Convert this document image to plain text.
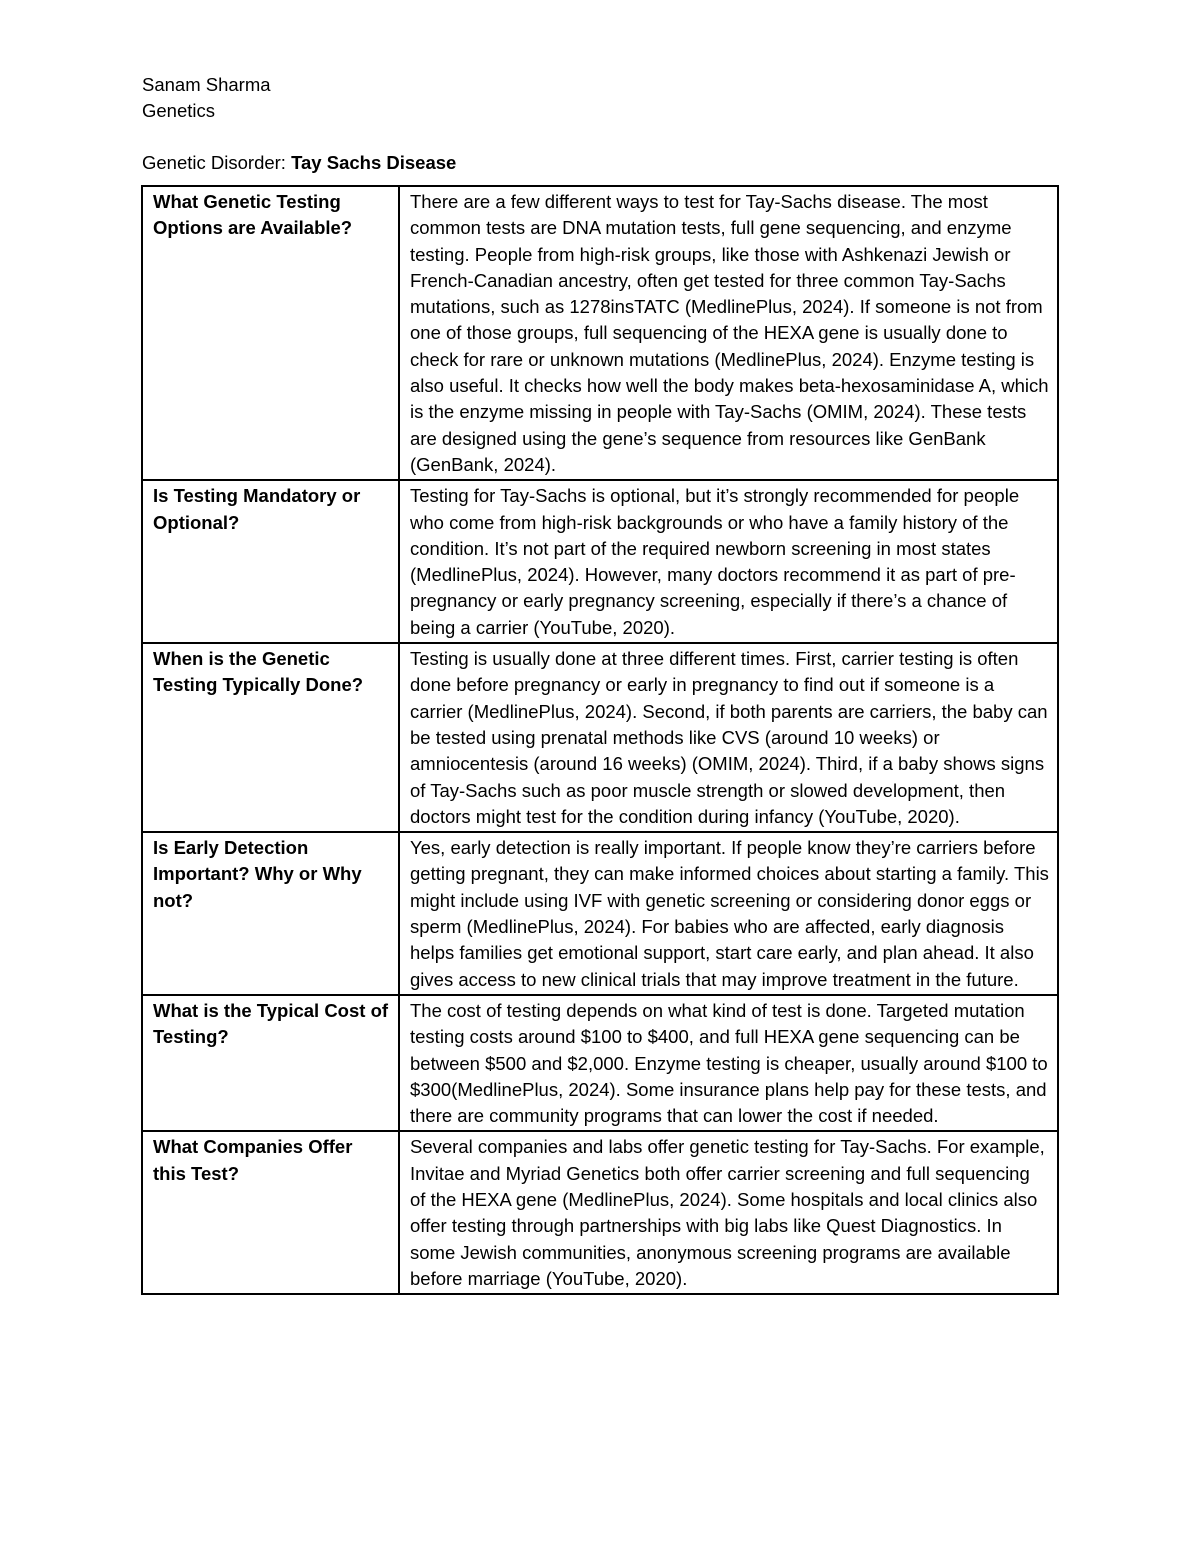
Sanam Sharma
Genetics
Genetic Disorder: Tay Sachs Disease
What Genetic Testing Options are Available?	There are a few different ways to test for Tay-Sachs disease. The most common tests are DNA mutation tests, full gene sequencing, and enzyme testing. People from high-risk groups, like those with Ashkenazi Jewish or French-Canadian ancestry, often get tested for three common Tay-Sachs mutations, such as 1278insTATC (MedlinePlus, 2024). If someone is not from one of those groups, full sequencing of the HEXA gene is usually done to check for rare or unknown mutations (MedlinePlus, 2024). Enzyme testing is also useful. It checks how well the body makes beta-hexosaminidase A, which is the enzyme missing in people with Tay-Sachs (OMIM, 2024). These tests are designed using the gene’s sequence from resources like GenBank (GenBank, 2024).
Is Testing Mandatory or Optional?	Testing for Tay-Sachs is optional, but it’s strongly recommended for people who come from high-risk backgrounds or who have a family history of the condition. It’s not part of the required newborn screening in most states (MedlinePlus, 2024). However, many doctors recommend it as part of pre-pregnancy or early pregnancy screening, especially if there’s a chance of being a carrier (YouTube, 2020).
When is the Genetic Testing Typically Done?	Testing is usually done at three different times. First, carrier testing is often done before pregnancy or early in pregnancy to find out if someone is a carrier (MedlinePlus, 2024). Second, if both parents are carriers, the baby can be tested using prenatal methods like CVS (around 10 weeks) or amniocentesis (around 16 weeks) (OMIM, 2024). Third, if a baby shows signs of Tay-Sachs such as poor muscle strength or slowed development, then doctors might test for the condition during infancy (YouTube, 2020).
Is Early Detection Important? Why or Why not?	Yes, early detection is really important. If people know they’re carriers before getting pregnant, they can make informed choices about starting a family. This might include using IVF with genetic screening or considering donor eggs or sperm (MedlinePlus, 2024). For babies who are affected, early diagnosis helps families get emotional support, start care early, and plan ahead. It also gives access to new clinical trials that may improve treatment in the future.
What is the Typical Cost of Testing?	The cost of testing depends on what kind of test is done. Targeted mutation testing costs around $100 to $400, and full HEXA gene sequencing can be between $500 and $2,000. Enzyme testing is cheaper, usually around $100 to $300(MedlinePlus, 2024). Some insurance plans help pay for these tests, and there are community programs that can lower the cost if needed.
What Companies Offer this Test?	Several companies and labs offer genetic testing for Tay-Sachs. For example, Invitae and Myriad Genetics both offer carrier screening and full sequencing of the HEXA gene (MedlinePlus, 2024). Some hospitals and local clinics also offer testing through partnerships with big labs like Quest Diagnostics. In some Jewish communities, anonymous screening programs are available before marriage (YouTube, 2020).
